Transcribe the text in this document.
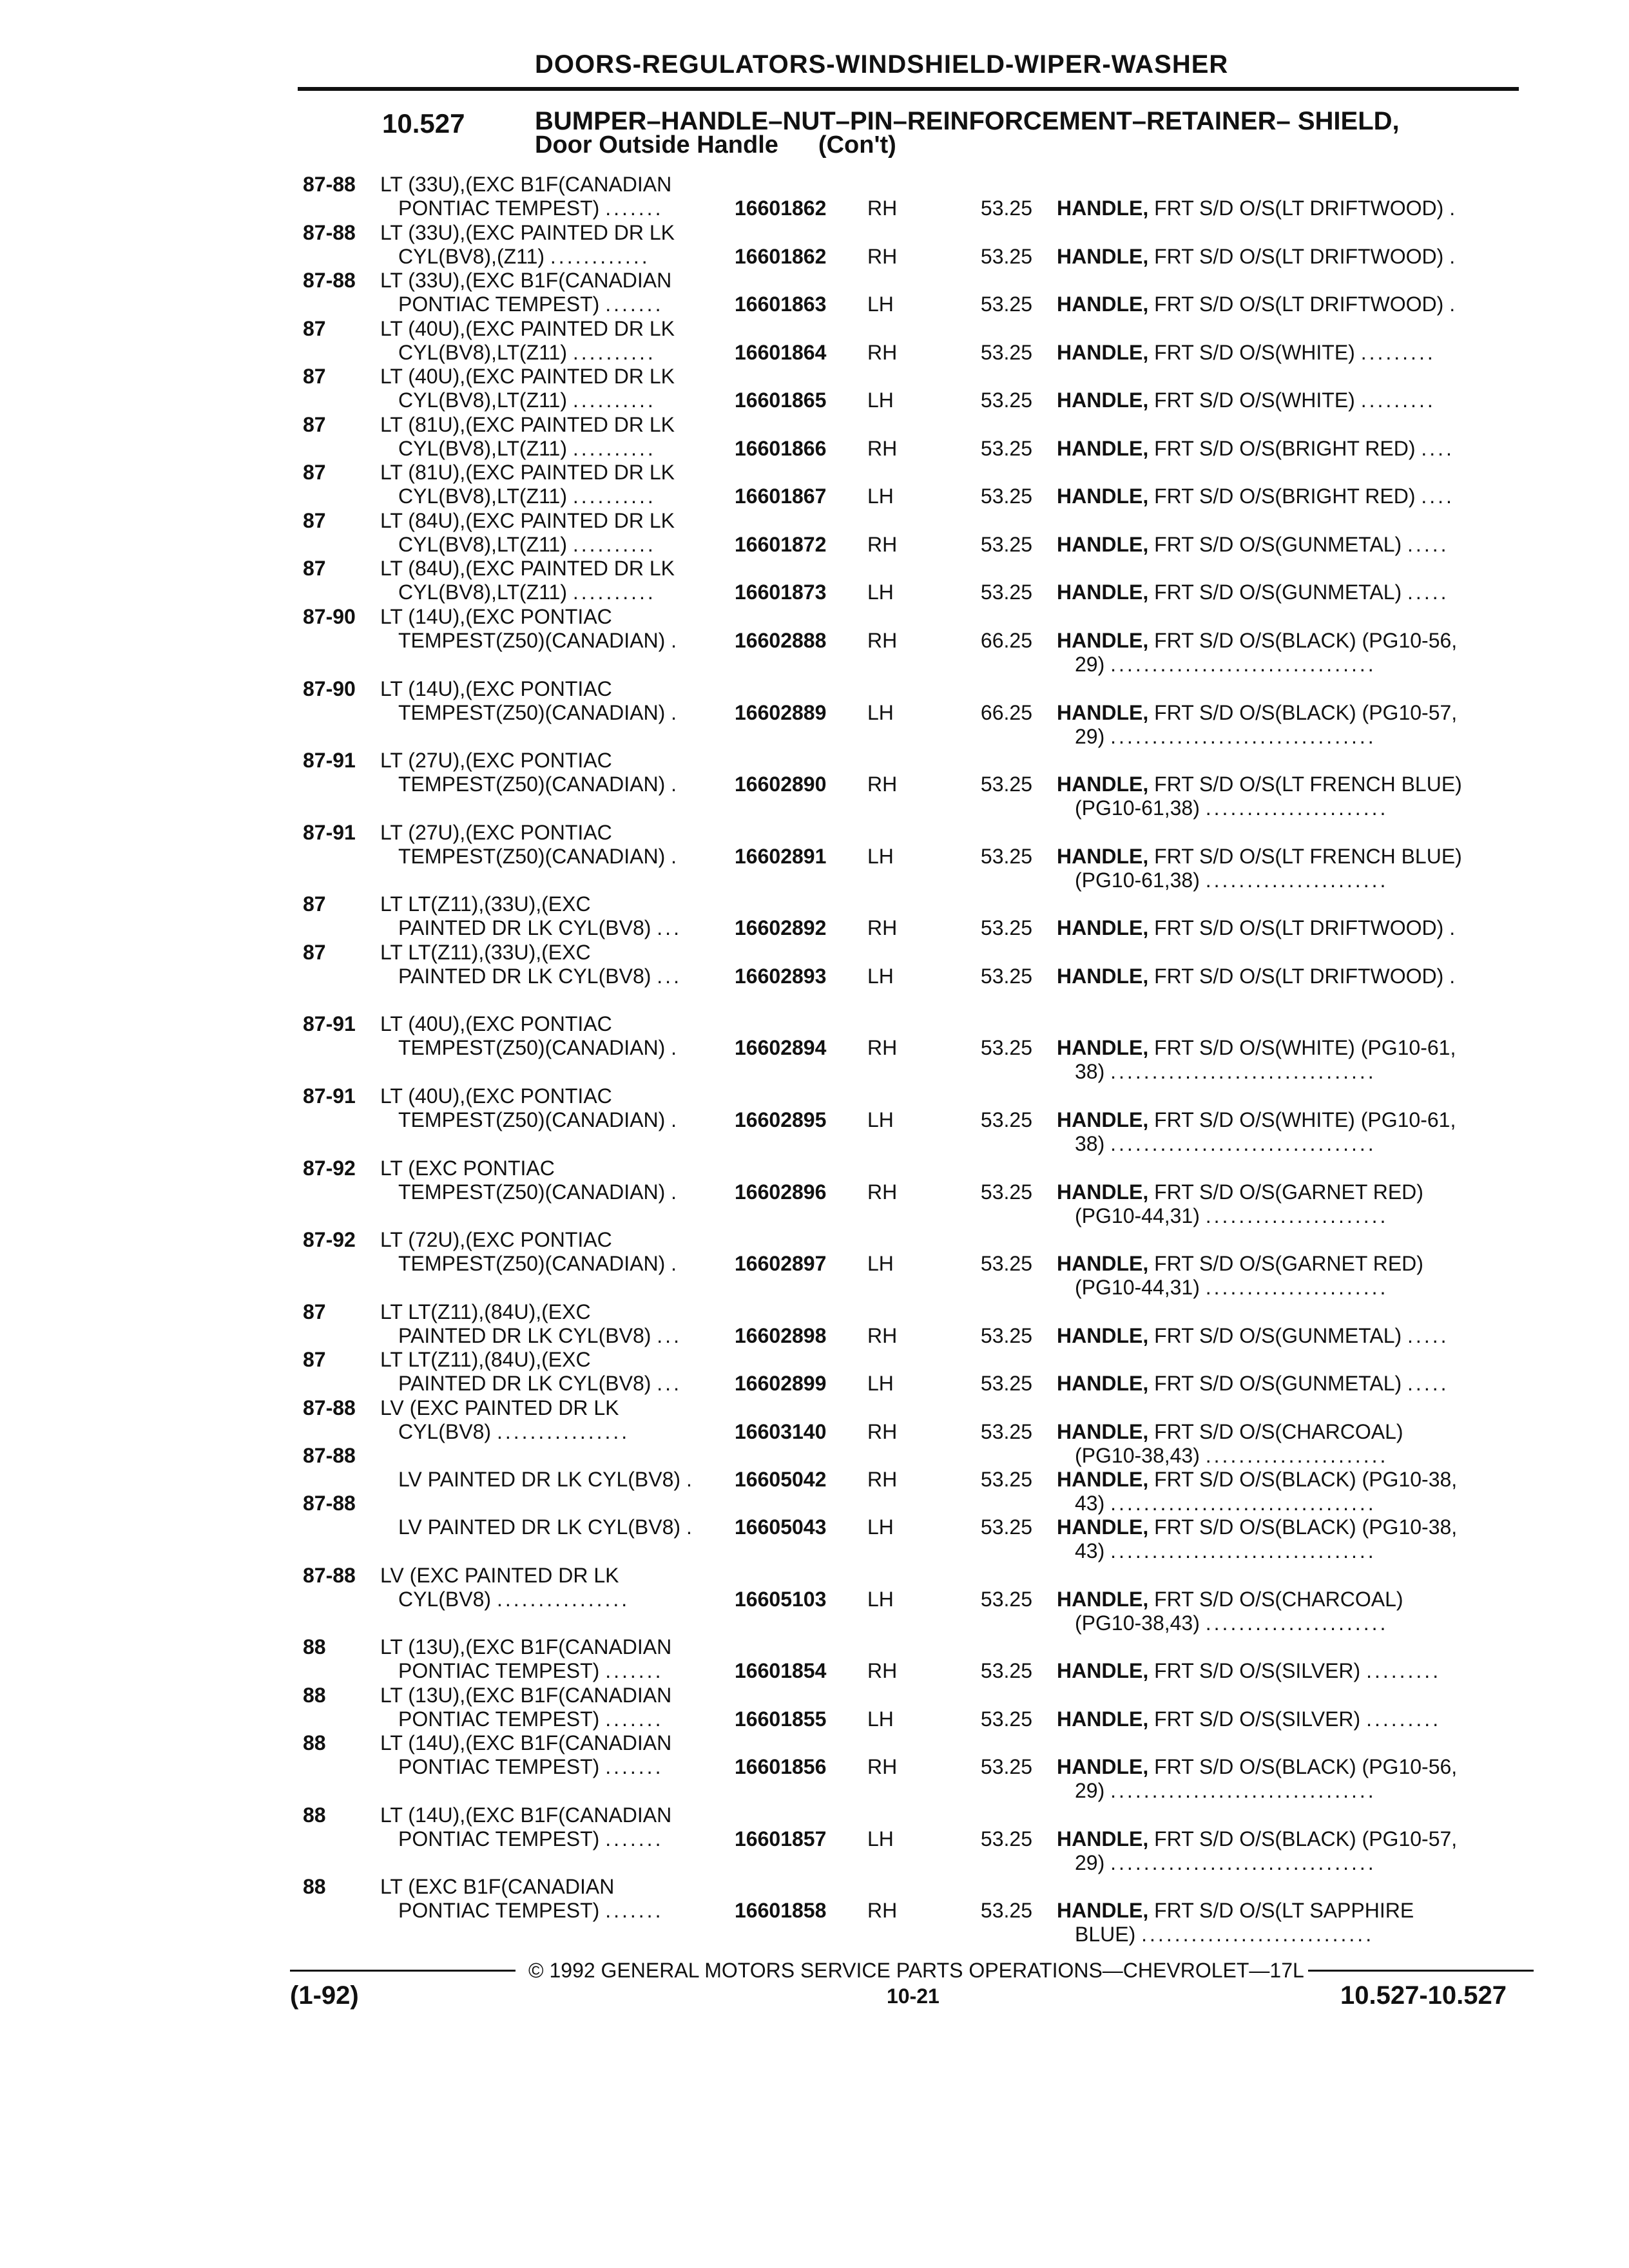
DOORS-REGULATORS-WINDSHIELD-WIPER-WASHER
10.527	BUMPER–HANDLE–NUT–PIN–REINFORCEMENT–RETAINER– SHIELD,
Door Outside Handle (Con't)
87-88 LT (33U),(EXC B1F(CANADIAN
PONTIAC TEMPEST) .......	16601862 RH	53.25 HANDLE, FRT S/D O/S(LT DRIFTWOOD) .
87-88 LT (33U),(EXC PAINTED DR LK
CYL(BV8),(Z11) ............	16601862 RH	53.25 HANDLE, FRT S/D O/S(LT DRIFTWOOD) .
87-88 LT (33U),(EXC B1F(CANADIAN
PONTIAC TEMPEST) .......	16601863 LH	53.25 HANDLE, FRT S/D O/S(LT DRIFTWOOD) .
87	LT (40U),(EXC PAINTED DR LK
CYL(BV8),LT(Z11) ..........	16601864 RH	53.25 HANDLE, FRT S/D O/S(WHITE) .........
87	LT (40U),(EXC PAINTED DR LK
CYL(BV8),LT(Z11) ..........	16601865 LH	53.25 HANDLE, FRT S/D O/S(WHITE) .........
87	LT (81U),(EXC PAINTED DR LK
CYL(BV8),LT(Z11) ..........	16601866 RH	53.25 HANDLE, FRT S/D O/S(BRIGHT RED) ....
87	LT (81U),(EXC PAINTED DR LK
CYL(BV8),LT(Z11) ..........	16601867 LH	53.25 HANDLE, FRT S/D O/S(BRIGHT RED) ....
87	LT (84U),(EXC PAINTED DR LK
CYL(BV8),LT(Z11) ..........	16601872 RH	53.25 HANDLE, FRT S/D O/S(GUNMETAL) .....
87	LT (84U),(EXC PAINTED DR LK
CYL(BV8),LT(Z11) ..........	16601873 LH	53.25 HANDLE, FRT S/D O/S(GUNMETAL) .....
87-90 LT (14U),(EXC PONTIAC
TEMPEST(Z50)(CANADIAN) .	16602888 RH	66.25 HANDLE, FRT S/D O/S(BLACK) (PG10-56,
29) ................................
87-90 LT (14U),(EXC PONTIAC
TEMPEST(Z50)(CANADIAN) .	16602889 LH	66.25 HANDLE, FRT S/D O/S(BLACK) (PG10-57,
29) ................................
87-91 LT (27U),(EXC PONTIAC
TEMPEST(Z50)(CANADIAN) .	16602890 RH	53.25 HANDLE, FRT S/D O/S(LT FRENCH BLUE)
(PG10-61,38) ......................
87-91 LT (27U),(EXC PONTIAC
TEMPEST(Z50)(CANADIAN) .	16602891 LH	53.25 HANDLE, FRT S/D O/S(LT FRENCH BLUE)
(PG10-61,38) ......................
87	LT LT(Z11),(33U),(EXC
PAINTED DR LK CYL(BV8) ...	16602892 RH	53.25 HANDLE, FRT S/D O/S(LT DRIFTWOOD) .
87	LT LT(Z11),(33U),(EXC
PAINTED DR LK CYL(BV8) ...	16602893 LH	53.25 HANDLE, FRT S/D O/S(LT DRIFTWOOD) .
87-91 LT (40U),(EXC PONTIAC
TEMPEST(Z50)(CANADIAN) .	16602894 RH	53.25 HANDLE, FRT S/D O/S(WHITE) (PG10-61,
38) ................................
87-91 LT (40U),(EXC PONTIAC
TEMPEST(Z50)(CANADIAN) .	16602895 LH	53.25 HANDLE, FRT S/D O/S(WHITE) (PG10-61,
38) ................................
87-92 LT (EXC PONTIAC
TEMPEST(Z50)(CANADIAN) .	16602896 RH	53.25 HANDLE, FRT S/D O/S(GARNET RED)
(PG10-44,31) ......................
87-92 LT (72U),(EXC PONTIAC
TEMPEST(Z50)(CANADIAN) .	16602897 LH	53.25 HANDLE, FRT S/D O/S(GARNET RED)
(PG10-44,31) ......................
87	LT LT(Z11),(84U),(EXC
PAINTED DR LK CYL(BV8) ...	16602898 RH	53.25 HANDLE, FRT S/D O/S(GUNMETAL) .....
87	LT LT(Z11),(84U),(EXC
PAINTED DR LK CYL(BV8) ...	16602899 LH	53.25 HANDLE, FRT S/D O/S(GUNMETAL) .....
87-88 LV (EXC PAINTED DR LK
CYL(BV8) ................	16603140 RH	53.25 HANDLE, FRT S/D O/S(CHARCOAL)
(PG10-38,43) ......................
87-88
LV PAINTED DR LK CYL(BV8) . 16605042 RH	53.25 HANDLE, FRT S/D O/S(BLACK) (PG10-38,
43) ................................
87-88
LV PAINTED DR LK CYL(BV8) . 16605043 LH	53.25 HANDLE, FRT S/D O/S(BLACK) (PG10-38,
43) ................................
87-88 LV (EXC PAINTED DR LK
CYL(BV8) ................	16605103 LH	53.25 HANDLE, FRT S/D O/S(CHARCOAL)
(PG10-38,43) ......................
88	LT (13U),(EXC B1F(CANADIAN
PONTIAC TEMPEST) .......	16601854 RH	53.25 HANDLE, FRT S/D O/S(SILVER) .........
88	LT (13U),(EXC B1F(CANADIAN
PONTIAC TEMPEST) .......	16601855 LH	53.25 HANDLE, FRT S/D O/S(SILVER) .........
88	LT (14U),(EXC B1F(CANADIAN
PONTIAC TEMPEST) .......	16601856 RH	53.25 HANDLE, FRT S/D O/S(BLACK) (PG10-56,
29) ................................
88	LT (14U),(EXC B1F(CANADIAN
PONTIAC TEMPEST) .......	16601857 LH	53.25 HANDLE, FRT S/D O/S(BLACK) (PG10-57,
29) ................................
88	LT (EXC B1F(CANADIAN
PONTIAC TEMPEST) .......	16601858 RH	53.25 HANDLE, FRT S/D O/S(LT SAPPHIRE
BLUE) ............................
© 1992 GENERAL MOTORS SERVICE PARTS OPERATIONS—CHEVROLET—17L
(1-92)	10-21	10.527-10.527
